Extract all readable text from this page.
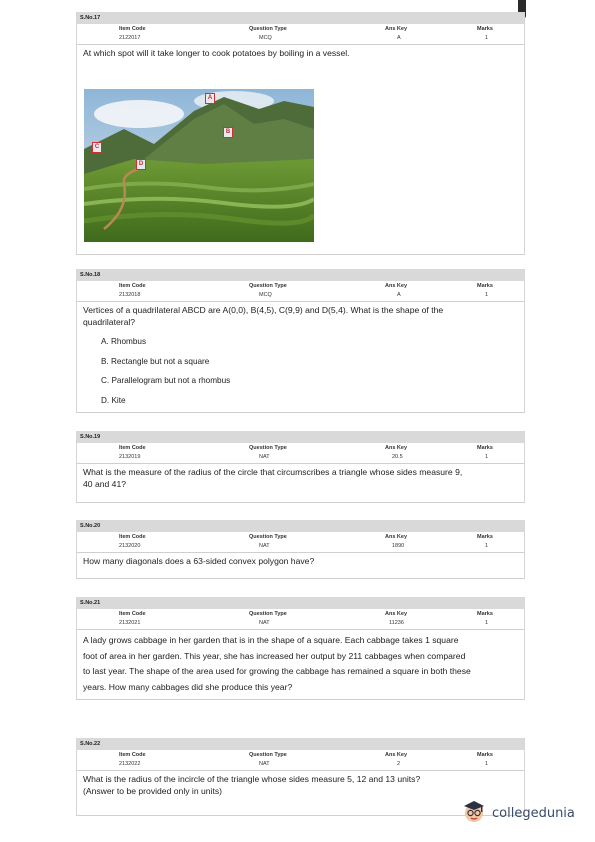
S.No.17
Item Code	Question Type	Ans Key	Marks
2122017	MCQ	A	1
At which spot will it take longer to cook potatoes by boiling in a vessel.
A
B
C
D
S.No.18
Item Code	Question Type	Ans Key	Marks
2132018	MCQ	A	1
Vertices of a quadrilateral ABCD are A(0,0), B(4,5), C(9,9) and D(5,4). What is the shape of the quadrilateral?
A. Rhombus
B. Rectangle but not a square
C. Parallelogram but not a rhombus
D. Kite
S.No.19
Item Code	Question Type	Ans Key	Marks
2132019	NAT	20.5	1
What is the measure of the radius of the circle that circumscribes a triangle whose sides measure 9, 40 and 41?
S.No.20
Item Code	Question Type	Ans Key	Marks
2132020	NAT	1890	1
How many diagonals does a 63-sided convex polygon have?
S.No.21
Item Code	Question Type	Ans Key	Marks
2132021	NAT	11236	1
A lady grows cabbage in her garden that is in the shape of a square. Each cabbage takes 1 square foot of area in her garden. This year, she has increased her output by 211 cabbages when compared to last year. The shape of the area used for growing the cabbage has remained a square in both these years. How many cabbages did she produce this year?
S.No.22
Item Code	Question Type	Ans Key	Marks
2132022	NAT	2	1
What is the radius of the incircle of the triangle whose sides measure 5, 12 and 13 units?
(Answer to be provided only in units)
collegedunia
